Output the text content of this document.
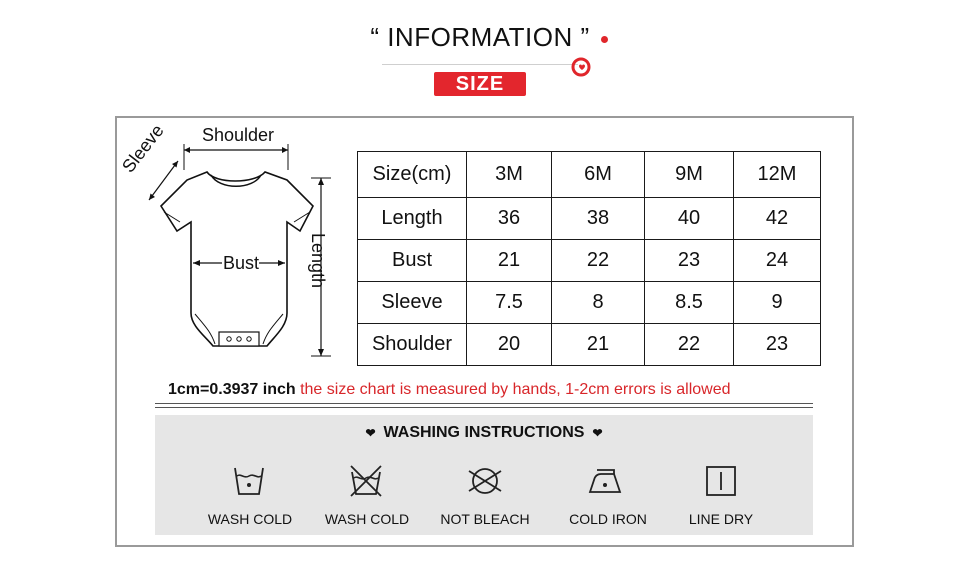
“ INFORMATION ”
SIZE
Shoulder
Sleeve
Bust	Length
Size(cm)	3M	6M	9M	12M
Length	36	38	40	42
Bust	21	22	23	24
Sleeve	7.5	8	8.5	9
Shoulder	20	21	22	23
1cm=0.3937 inch the size chart is measured by hands, 1-2cm errors is allowed
❤ WASHING INSTRUCTIONS ❤
WASH COLD	WASH COLD	NOT BLEACH	COLD IRON	LINE DRY
